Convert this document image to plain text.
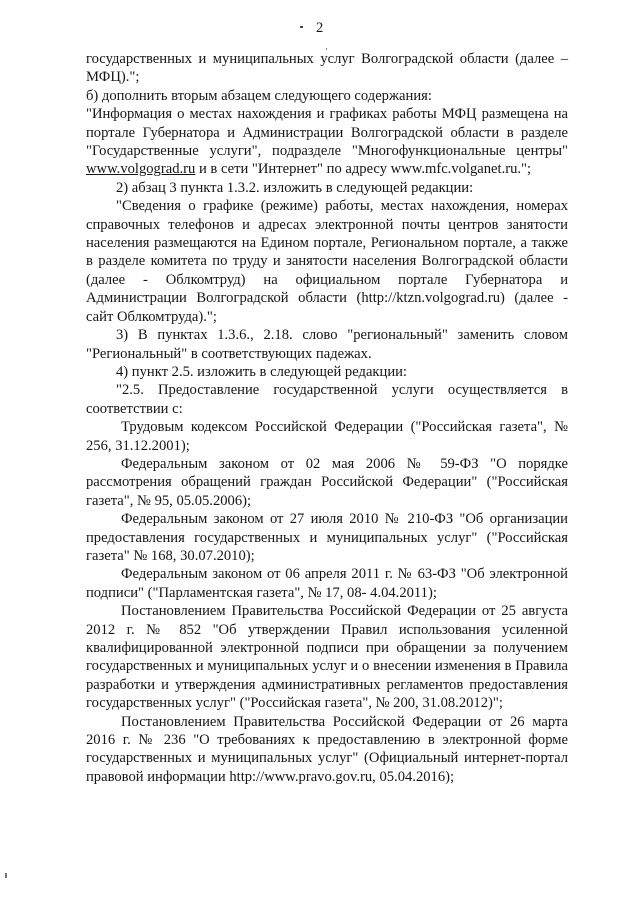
2

государственных и муниципальных услуг Волгоградской области (далее – МФЦ).";

б) дополнить вторым абзацем следующего содержания:

"Информация о местах нахождения и графиках работы МФЦ размещена на портале Губернатора и Администрации Волгоградской области в разделе "Государственные услуги", подразделе "Многофункциональные центры" www.volgograd.ru и в сети "Интернет" по адресу www.mfc.volganet.ru.";

2) абзац 3 пункта 1.3.2. изложить в следующей редакции:

"Сведения о графике (режиме) работы, местах нахождения, номерах справочных телефонов и адресах электронной почты центров занятости населения размещаются на Едином портале, Региональном портале, а также в разделе комитета по труду и занятости населения Волгоградской области (далее - Облкомтруд) на официальном портале Губернатора и Администрации Волгоградской области (http://ktzn.volgograd.ru) (далее - сайт Облкомтруда).";

3) В пунктах 1.3.6., 2.18. слово "региональный" заменить словом "Региональный" в соответствующих падежах.

4) пункт 2.5. изложить в следующей редакции:

"2.5. Предоставление государственной услуги осуществляется в соответствии с:

Трудовым кодексом Российской Федерации ("Российская газета", № 256, 31.12.2001);

Федеральным законом от 02 мая 2006 № 59-ФЗ "О порядке рассмотрения обращений граждан Российской Федерации" ("Российская газета", № 95, 05.05.2006);

Федеральным законом от 27 июля 2010 № 210-ФЗ "Об организации предоставления государственных и муниципальных услуг" ("Российская газета" № 168, 30.07.2010);

Федеральным законом от 06 апреля 2011 г. № 63-ФЗ "Об электронной подписи" ("Парламентская газета", № 17, 08- 4.04.2011);

Постановлением Правительства Российской Федерации от 25 августа 2012 г. № 852 "Об утверждении Правил использования усиленной квалифицированной электронной подписи при обращении за получением государственных и муниципальных услуг и о внесении изменения в Правила разработки и утверждения административных регламентов предоставления государственных услуг" ("Российская газета", № 200, 31.08.2012)";

Постановлением Правительства Российской Федерации от 26 марта 2016 г. № 236 "О требованиях к предоставлению в электронной форме государственных и муниципальных услуг" (Официальный интернет-портал правовой информации http://www.pravo.gov.ru, 05.04.2016);
